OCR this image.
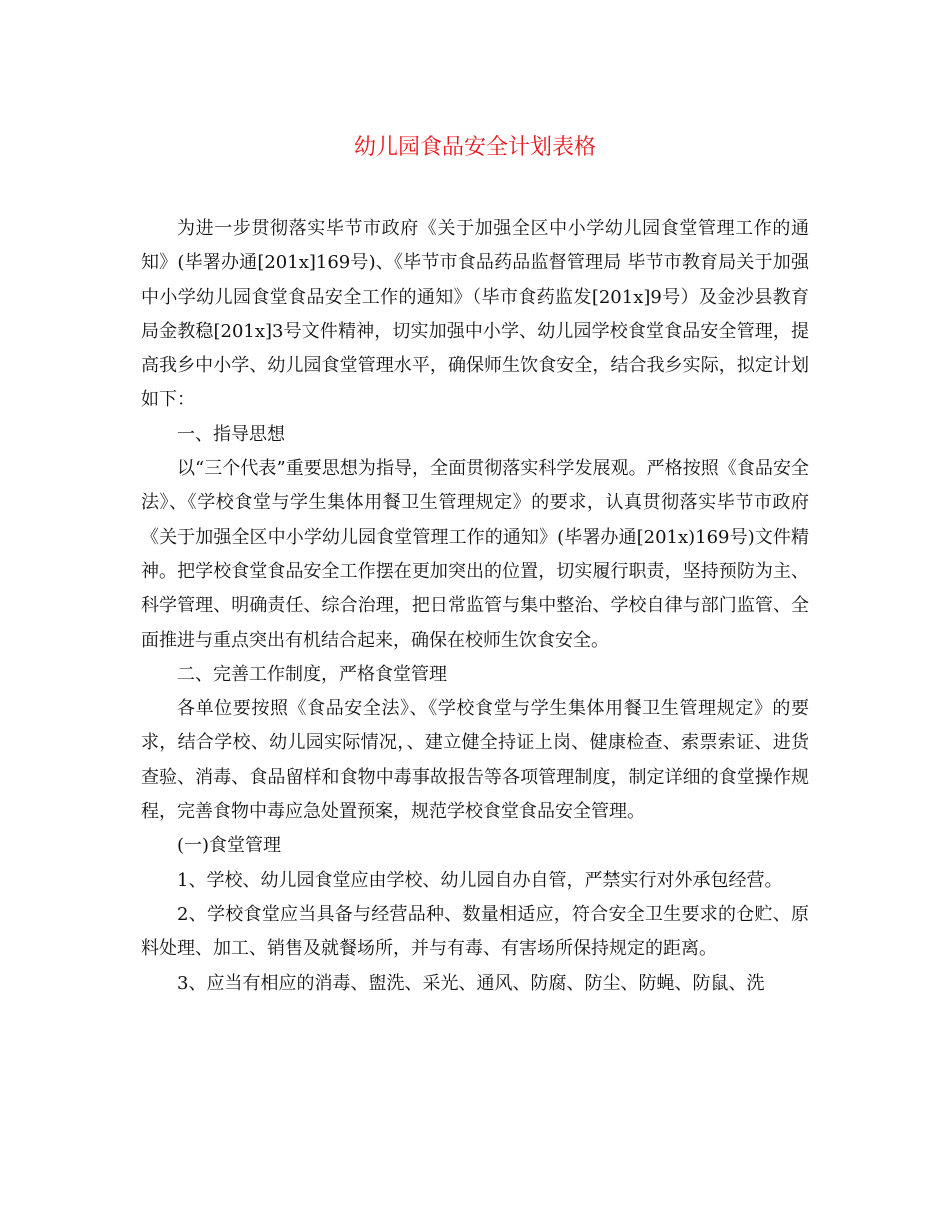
幼儿园食品安全计划表格

为进一步贯彻落实毕节市政府《关于加强全区中小学幼儿园食堂管理工作的通知》(毕署办通[201x]169号)、《毕节市食品药品监督管理局 毕节市教育局关于加强中小学幼儿园食堂食品安全工作的通知》（毕市食药监发[201x]9号）及金沙县教育局金教稳[201x]3号文件精神，切实加强中小学、幼儿园学校食堂食品安全管理，提高我乡中小学、幼儿园食堂管理水平，确保师生饮食安全，结合我乡实际，拟定计划如下：

一、指导思想

以“三个代表”重要思想为指导，全面贯彻落实科学发展观。严格按照《食品安全法》、《学校食堂与学生集体用餐卫生管理规定》的要求，认真贯彻落实毕节市政府《关于加强全区中小学幼儿园食堂管理工作的通知》(毕署办通[201x)169号)文件精神。把学校食堂食品安全工作摆在更加突出的位置，切实履行职责，坚持预防为主、科学管理、明确责任、综合治理，把日常监管与集中整治、学校自律与部门监管、全面推进与重点突出有机结合起来，确保在校师生饮食安全。

二、完善工作制度，严格食堂管理

各单位要按照《食品安全法》、《学校食堂与学生集体用餐卫生管理规定》的要求，结合学校、幼儿园实际情况，、建立健全持证上岗、健康检查、索票索证、进货查验、消毒、食品留样和食物中毒事故报告等各项管理制度，制定详细的食堂操作规程，完善食物中毒应急处置预案，规范学校食堂食品安全管理。

(一)食堂管理

1、学校、幼儿园食堂应由学校、幼儿园自办自管，严禁实行对外承包经营。

2、学校食堂应当具备与经营品种、数量相适应，符合安全卫生要求的仓贮、原料处理、加工、销售及就餐场所，并与有毒、有害场所保持规定的距离。

3、应当有相应的消毒、盥洗、采光、通风、防腐、防尘、防蝇、防鼠、洗
